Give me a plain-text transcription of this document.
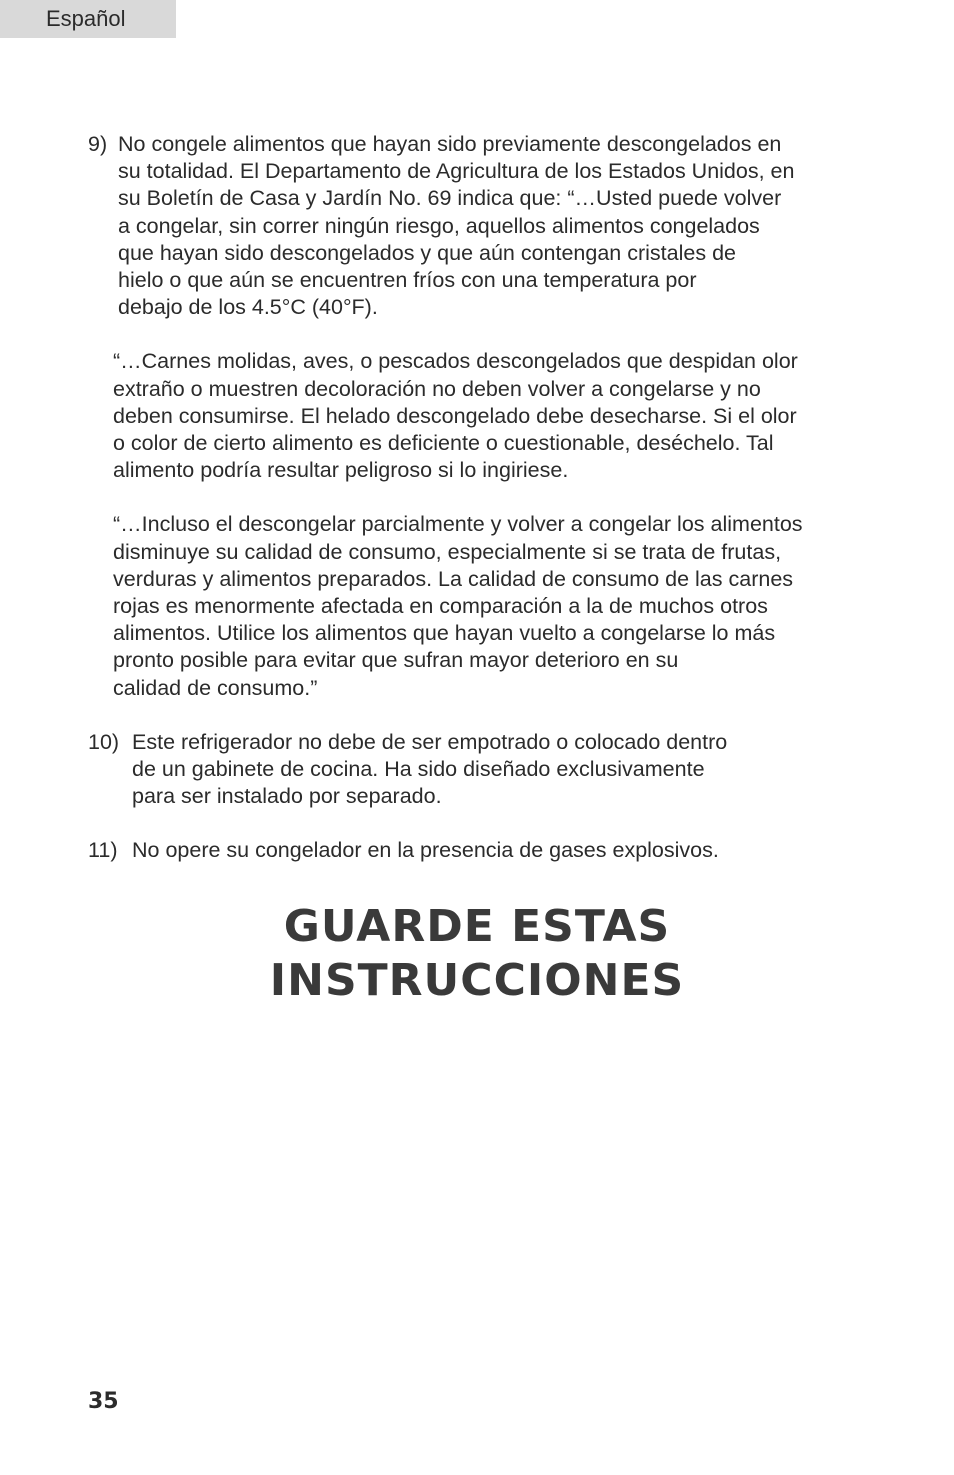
Español
9) No congele alimentos que hayan sido previamente descongelados en
su totalidad. El Departamento de Agricultura de los Estados Unidos, en
su Boletín de Casa y Jardín No. 69 indica que: “…Usted puede volver
a congelar, sin correr ningún riesgo, aquellos alimentos congelados
que hayan sido descongelados y que aún contengan cristales de
hielo o que aún se encuentren fríos con una temperatura por
debajo de los 4.5°C (40°F).
“…Carnes molidas, aves, o pescados descongelados que despidan olor
extraño o muestren decoloración no deben volver a congelarse y no
deben consumirse. El helado descongelado debe desecharse. Si el olor
o color de cierto alimento es deficiente o cuestionable, deséchelo. Tal
alimento podría resultar peligroso si lo ingiriese.
“…Incluso el descongelar parcialmente y volver a congelar los alimentos
disminuye su calidad de consumo, especialmente si se trata de frutas,
verduras y alimentos preparados. La calidad de consumo de las carnes
rojas es menormente afectada en comparación a la de muchos otros
alimentos. Utilice los alimentos que hayan vuelto a congelarse lo más
pronto posible para evitar que sufran mayor deterioro en su
calidad de consumo.”
10) Este refrigerador no debe de ser empotrado o colocado dentro
de un gabinete de cocina. Ha sido diseñado exclusivamente
para ser instalado por separado.
11) No opere su congelador en la presencia de gases explosivos.
GUARDE ESTAS
INSTRUCCIONES
35
